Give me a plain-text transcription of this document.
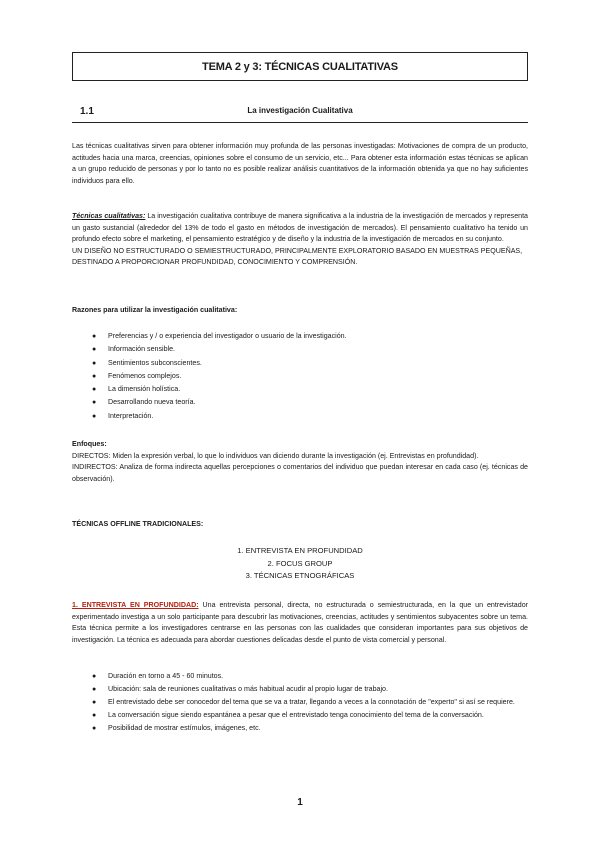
TEMA 2 y 3: TÉCNICAS CUALITATIVAS
1.1	La investigación Cualitativa

Las técnicas cualitativas sirven para obtener información muy profunda de las personas investigadas: Motivaciones de compra de un producto, actitudes hacia una marca, creencias, opiniones sobre el consumo de un servicio, etc... Para obtener esta información estas técnicas se aplican a un grupo reducido de personas y por lo tanto no es posible realizar análisis cuantitativos de la información obtenida ya que no hay suficientes individuos para ello.

Técnicas cualitativas: La investigación cualitativa contribuye de manera significativa a la industria de la investigación de mercados y representa un gasto sustancial (alrededor del 13% de todo el gasto en métodos de investigación de mercados). El pensamiento cualitativo ha tenido un profundo efecto sobre el marketing, el pensamiento estratégico y de diseño y la industria de la investigación de mercados en su conjunto.

UN DISEÑO NO ESTRUCTURADO O SEMIESTRUCTURADO, PRINCIPALMENTE EXPLORATORIO BASADO EN MUESTRAS PEQUEÑAS, DESTINADO A PROPORCIONAR PROFUNDIDAD, CONOCIMIENTO Y COMPRENSIÓN.

Razones para utilizar la investigación cualitativa:
● Preferencias y / o experiencia del investigador o usuario de la investigación.
● Información sensible.
● Sentimientos subconscientes.
● Fenómenos complejos.
● La dimensión holística.
● Desarrollando nueva teoría.
● Interpretación.

Enfoques:

DIRECTOS: Miden la expresión verbal, lo que lo individuos van diciendo durante la investigación (ej. Entrevistas en profundidad).

INDIRECTOS: Analiza de forma indirecta aquellas percepciones o comentarios del individuo que puedan interesar en cada caso (ej. técnicas de observación).

TÉCNICAS OFFLINE TRADICIONALES:
1. ENTREVISTA EN PROFUNDIDAD
2. FOCUS GROUP
3. TÉCNICAS ETNOGRÁFICAS

1. ENTREVISTA EN PROFUNDIDAD: Una entrevista personal, directa, no estructurada o semiestructurada, en la que un entrevistador experimentado investiga a un solo participante para descubrir las motivaciones, creencias, actitudes y sentimientos subyacentes sobre un tema. Esta técnica permite a los investigadores centrarse en las personas con las cualidades que consideran importantes para sus objetivos de investigación. La técnica es adecuada para abordar cuestiones delicadas desde el punto de vista comercial y personal.

● Duración en torno a 45 - 60 minutos.
● Ubicación: sala de reuniones cualitativas o más habitual acudir al propio lugar de trabajo.
● El entrevistado debe ser conocedor del tema que se va a tratar, llegando a veces a la connotación de "experto" si así se requiere.
● La conversación sigue siendo espantánea a pesar que el entrevistado tenga conocimiento del tema de la conversación.
● Posibilidad de mostrar estímulos, imágenes, etc.
1
